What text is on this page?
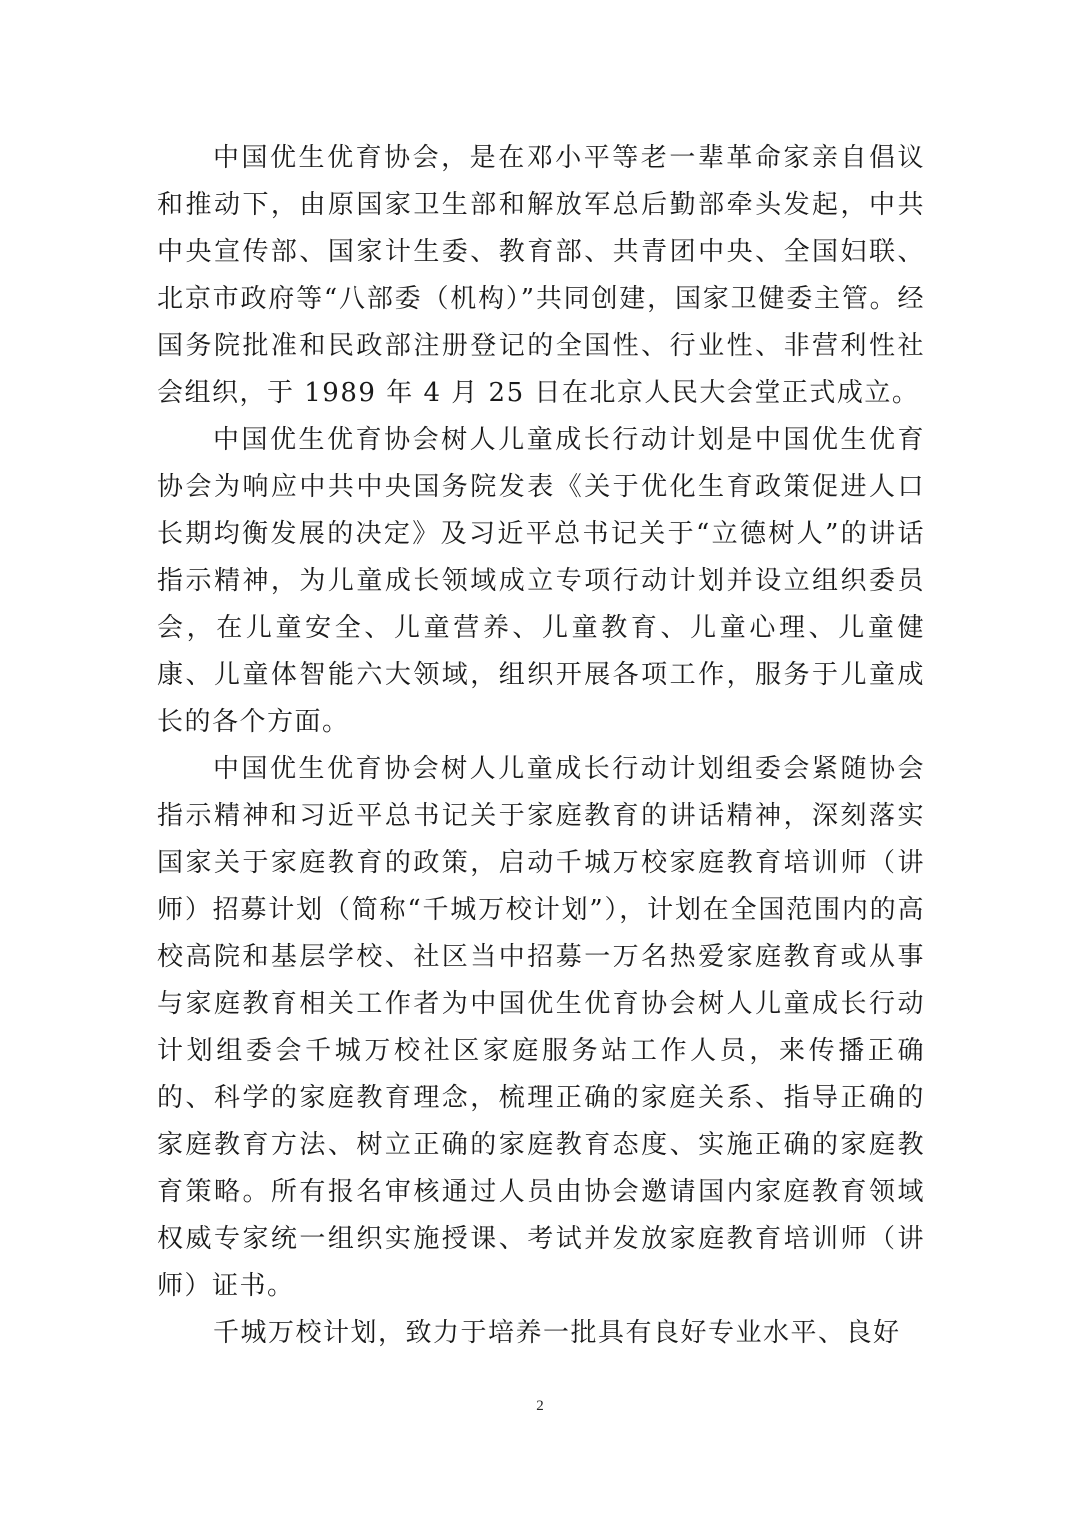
中国优生优育协会，是在邓小平等老一辈革命家亲自倡议和推动下，由原国家卫生部和解放军总后勤部牵头发起，中共中央宣传部、国家计生委、教育部、共青团中央、全国妇联、北京市政府等“八部委（机构）”共同创建，国家卫健委主管。经国务院批准和民政部注册登记的全国性、行业性、非营利性社会组织，于 1989 年 4 月 25 日在北京人民大会堂正式成立。

中国优生优育协会树人儿童成长行动计划是中国优生优育协会为响应中共中央国务院发表《关于优化生育政策促进人口长期均衡发展的决定》及习近平总书记关于“立德树人”的讲话指示精神，为儿童成长领域成立专项行动计划并设立组织委员会，在儿童安全、儿童营养、儿童教育、儿童心理、儿童健康、儿童体智能六大领域，组织开展各项工作，服务于儿童成长的各个方面。

中国优生优育协会树人儿童成长行动计划组委会紧随协会指示精神和习近平总书记关于家庭教育的讲话精神，深刻落实国家关于家庭教育的政策，启动千城万校家庭教育培训师（讲师）招募计划（简称“千城万校计划”），计划在全国范围内的高校高院和基层学校、社区当中招募一万名热爱家庭教育或从事与家庭教育相关工作者为中国优生优育协会树人儿童成长行动计划组委会千城万校社区家庭服务站工作人员，来传播正确的、科学的家庭教育理念，梳理正确的家庭关系、指导正确的家庭教育方法、树立正确的家庭教育态度、实施正确的家庭教育策略。所有报名审核通过人员由协会邀请国内家庭教育领域权威专家统一组织实施授课、考试并发放家庭教育培训师（讲师）证书。

千城万校计划，致力于培养一批具有良好专业水平、良好

2
